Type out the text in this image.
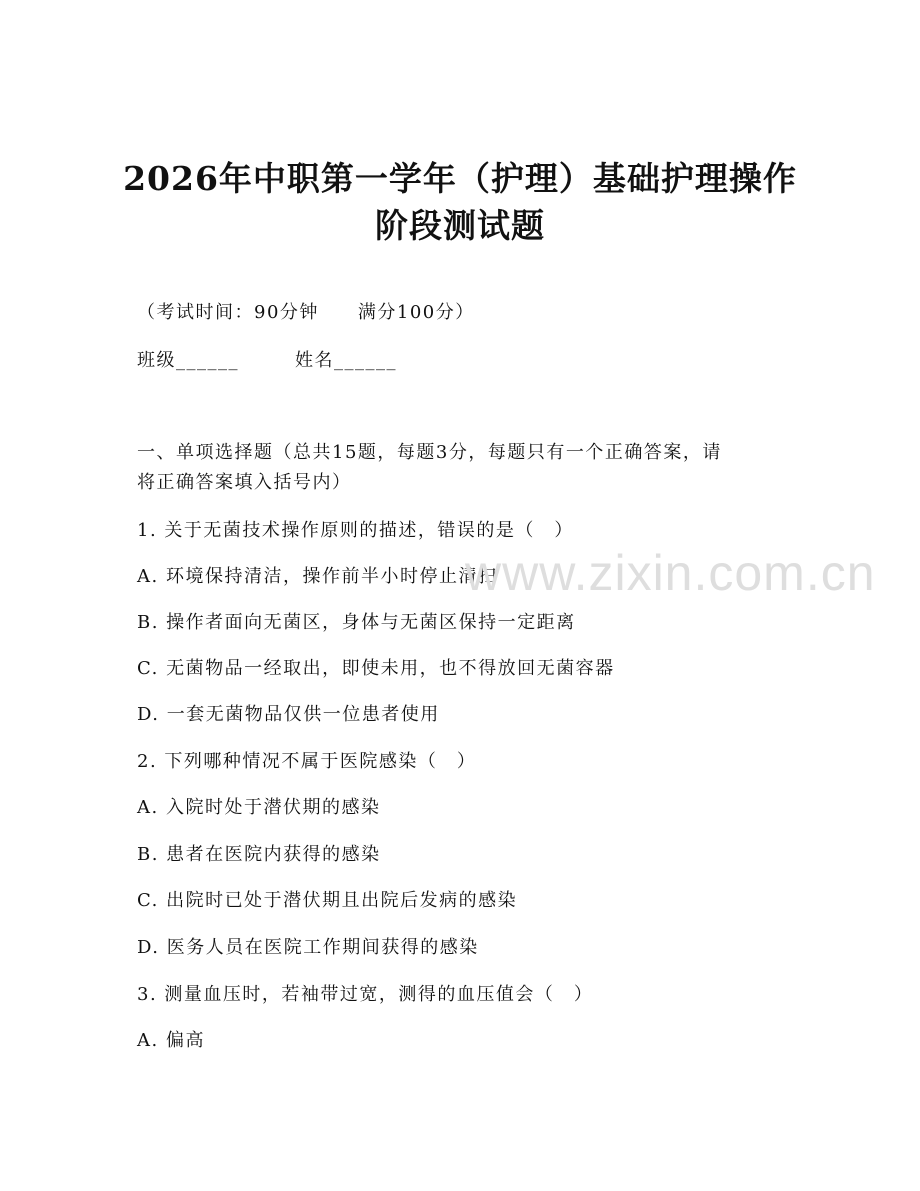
2026年中职第一学年（护理）基础护理操作
阶段测试题
（考试时间：90分钟　　满分100分）
班级______	姓名______
一、单项选择题（总共15题，每题3分，每题只有一个正确答案，请
将正确答案填入括号内）
1. 关于无菌技术操作原则的描述，错误的是（　）
A. 环境保持清洁，操作前半小时停止清扫
B. 操作者面向无菌区，身体与无菌区保持一定距离
C. 无菌物品一经取出，即使未用，也不得放回无菌容器
D. 一套无菌物品仅供一位患者使用
2. 下列哪种情况不属于医院感染（　）
A. 入院时处于潜伏期的感染
B. 患者在医院内获得的感染
C. 出院时已处于潜伏期且出院后发病的感染
D. 医务人员在医院工作期间获得的感染
3. 测量血压时，若袖带过宽，测得的血压值会（　）
A. 偏高
www.zixin.com.cn
